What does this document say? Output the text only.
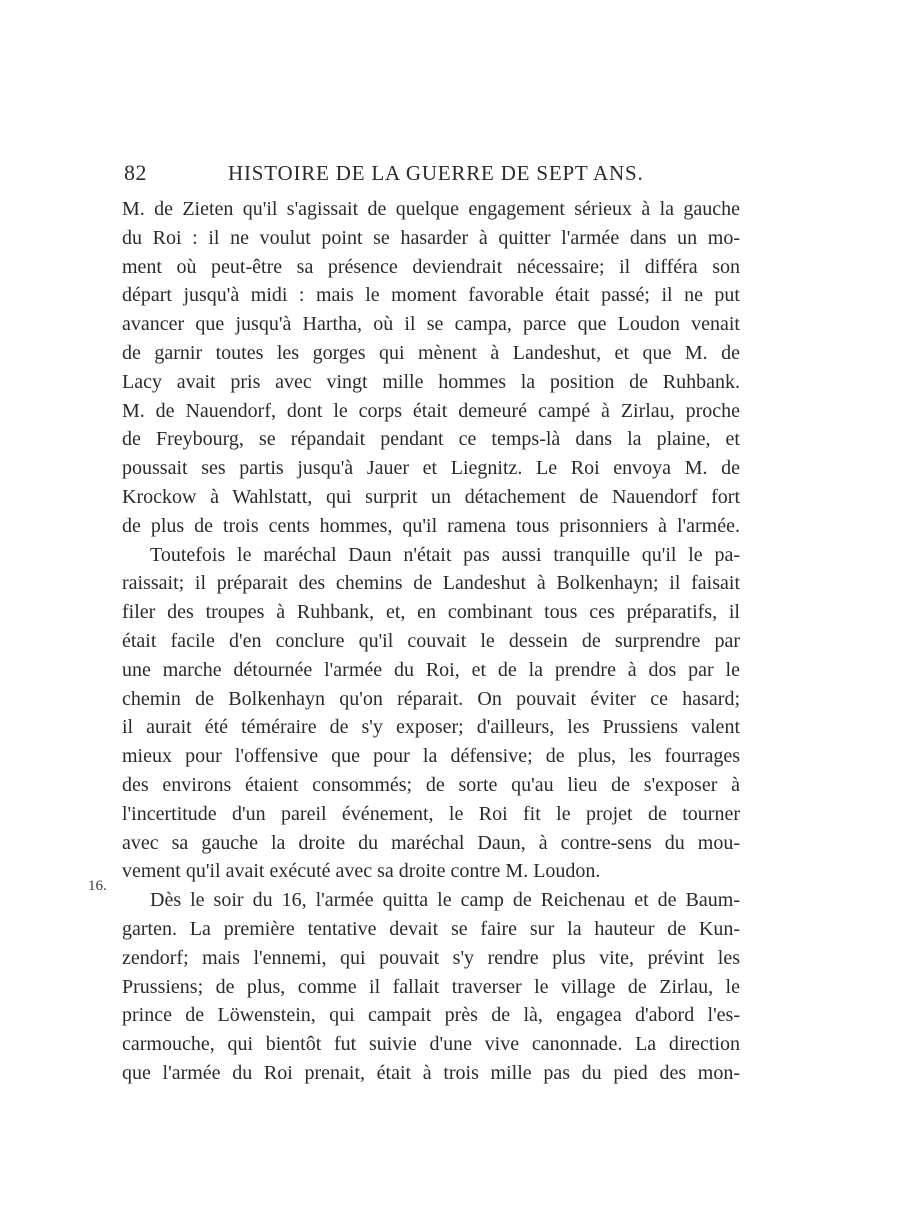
82	HISTOIRE DE LA GUERRE DE SEPT ANS.
16.
M. de Zieten qu'il s'agissait de quelque engagement sérieux à la gauche
du Roi : il ne voulut point se hasarder à quitter l'armée dans un mo-
ment où peut-être sa présence deviendrait nécessaire; il différa son
départ jusqu'à midi : mais le moment favorable était passé; il ne put
avancer que jusqu'à Hartha, où il se campa, parce que Loudon venait
de garnir toutes les gorges qui mènent à Landeshut, et que M. de
Lacy avait pris avec vingt mille hommes la position de Ruhbank.
M. de Nauendorf, dont le corps était demeuré campé à Zirlau, proche
de Freybourg, se répandait pendant ce temps-là dans la plaine, et
poussait ses partis jusqu'à Jauer et Liegnitz. Le Roi envoya M. de
Krockow à Wahlstatt, qui surprit un détachement de Nauendorf fort
de plus de trois cents hommes, qu'il ramena tous prisonniers à l'armée.
Toutefois le maréchal Daun n'était pas aussi tranquille qu'il le pa-
raissait; il préparait des chemins de Landeshut à Bolkenhayn; il faisait
filer des troupes à Ruhbank, et, en combinant tous ces préparatifs, il
était facile d'en conclure qu'il couvait le dessein de surprendre par
une marche détournée l'armée du Roi, et de la prendre à dos par le
chemin de Bolkenhayn qu'on réparait. On pouvait éviter ce hasard;
il aurait été téméraire de s'y exposer; d'ailleurs, les Prussiens valent
mieux pour l'offensive que pour la défensive; de plus, les fourrages
des environs étaient consommés; de sorte qu'au lieu de s'exposer à
l'incertitude d'un pareil événement, le Roi fit le projet de tourner
avec sa gauche la droite du maréchal Daun, à contre-sens du mou-
vement qu'il avait exécuté avec sa droite contre M. Loudon.
Dès le soir du 16, l'armée quitta le camp de Reichenau et de Baum-
garten. La première tentative devait se faire sur la hauteur de Kun-
zendorf; mais l'ennemi, qui pouvait s'y rendre plus vite, prévint les
Prussiens; de plus, comme il fallait traverser le village de Zirlau, le
prince de Löwenstein, qui campait près de là, engagea d'abord l'es-
carmouche, qui bientôt fut suivie d'une vive canonnade. La direction
que l'armée du Roi prenait, était à trois mille pas du pied des mon-
